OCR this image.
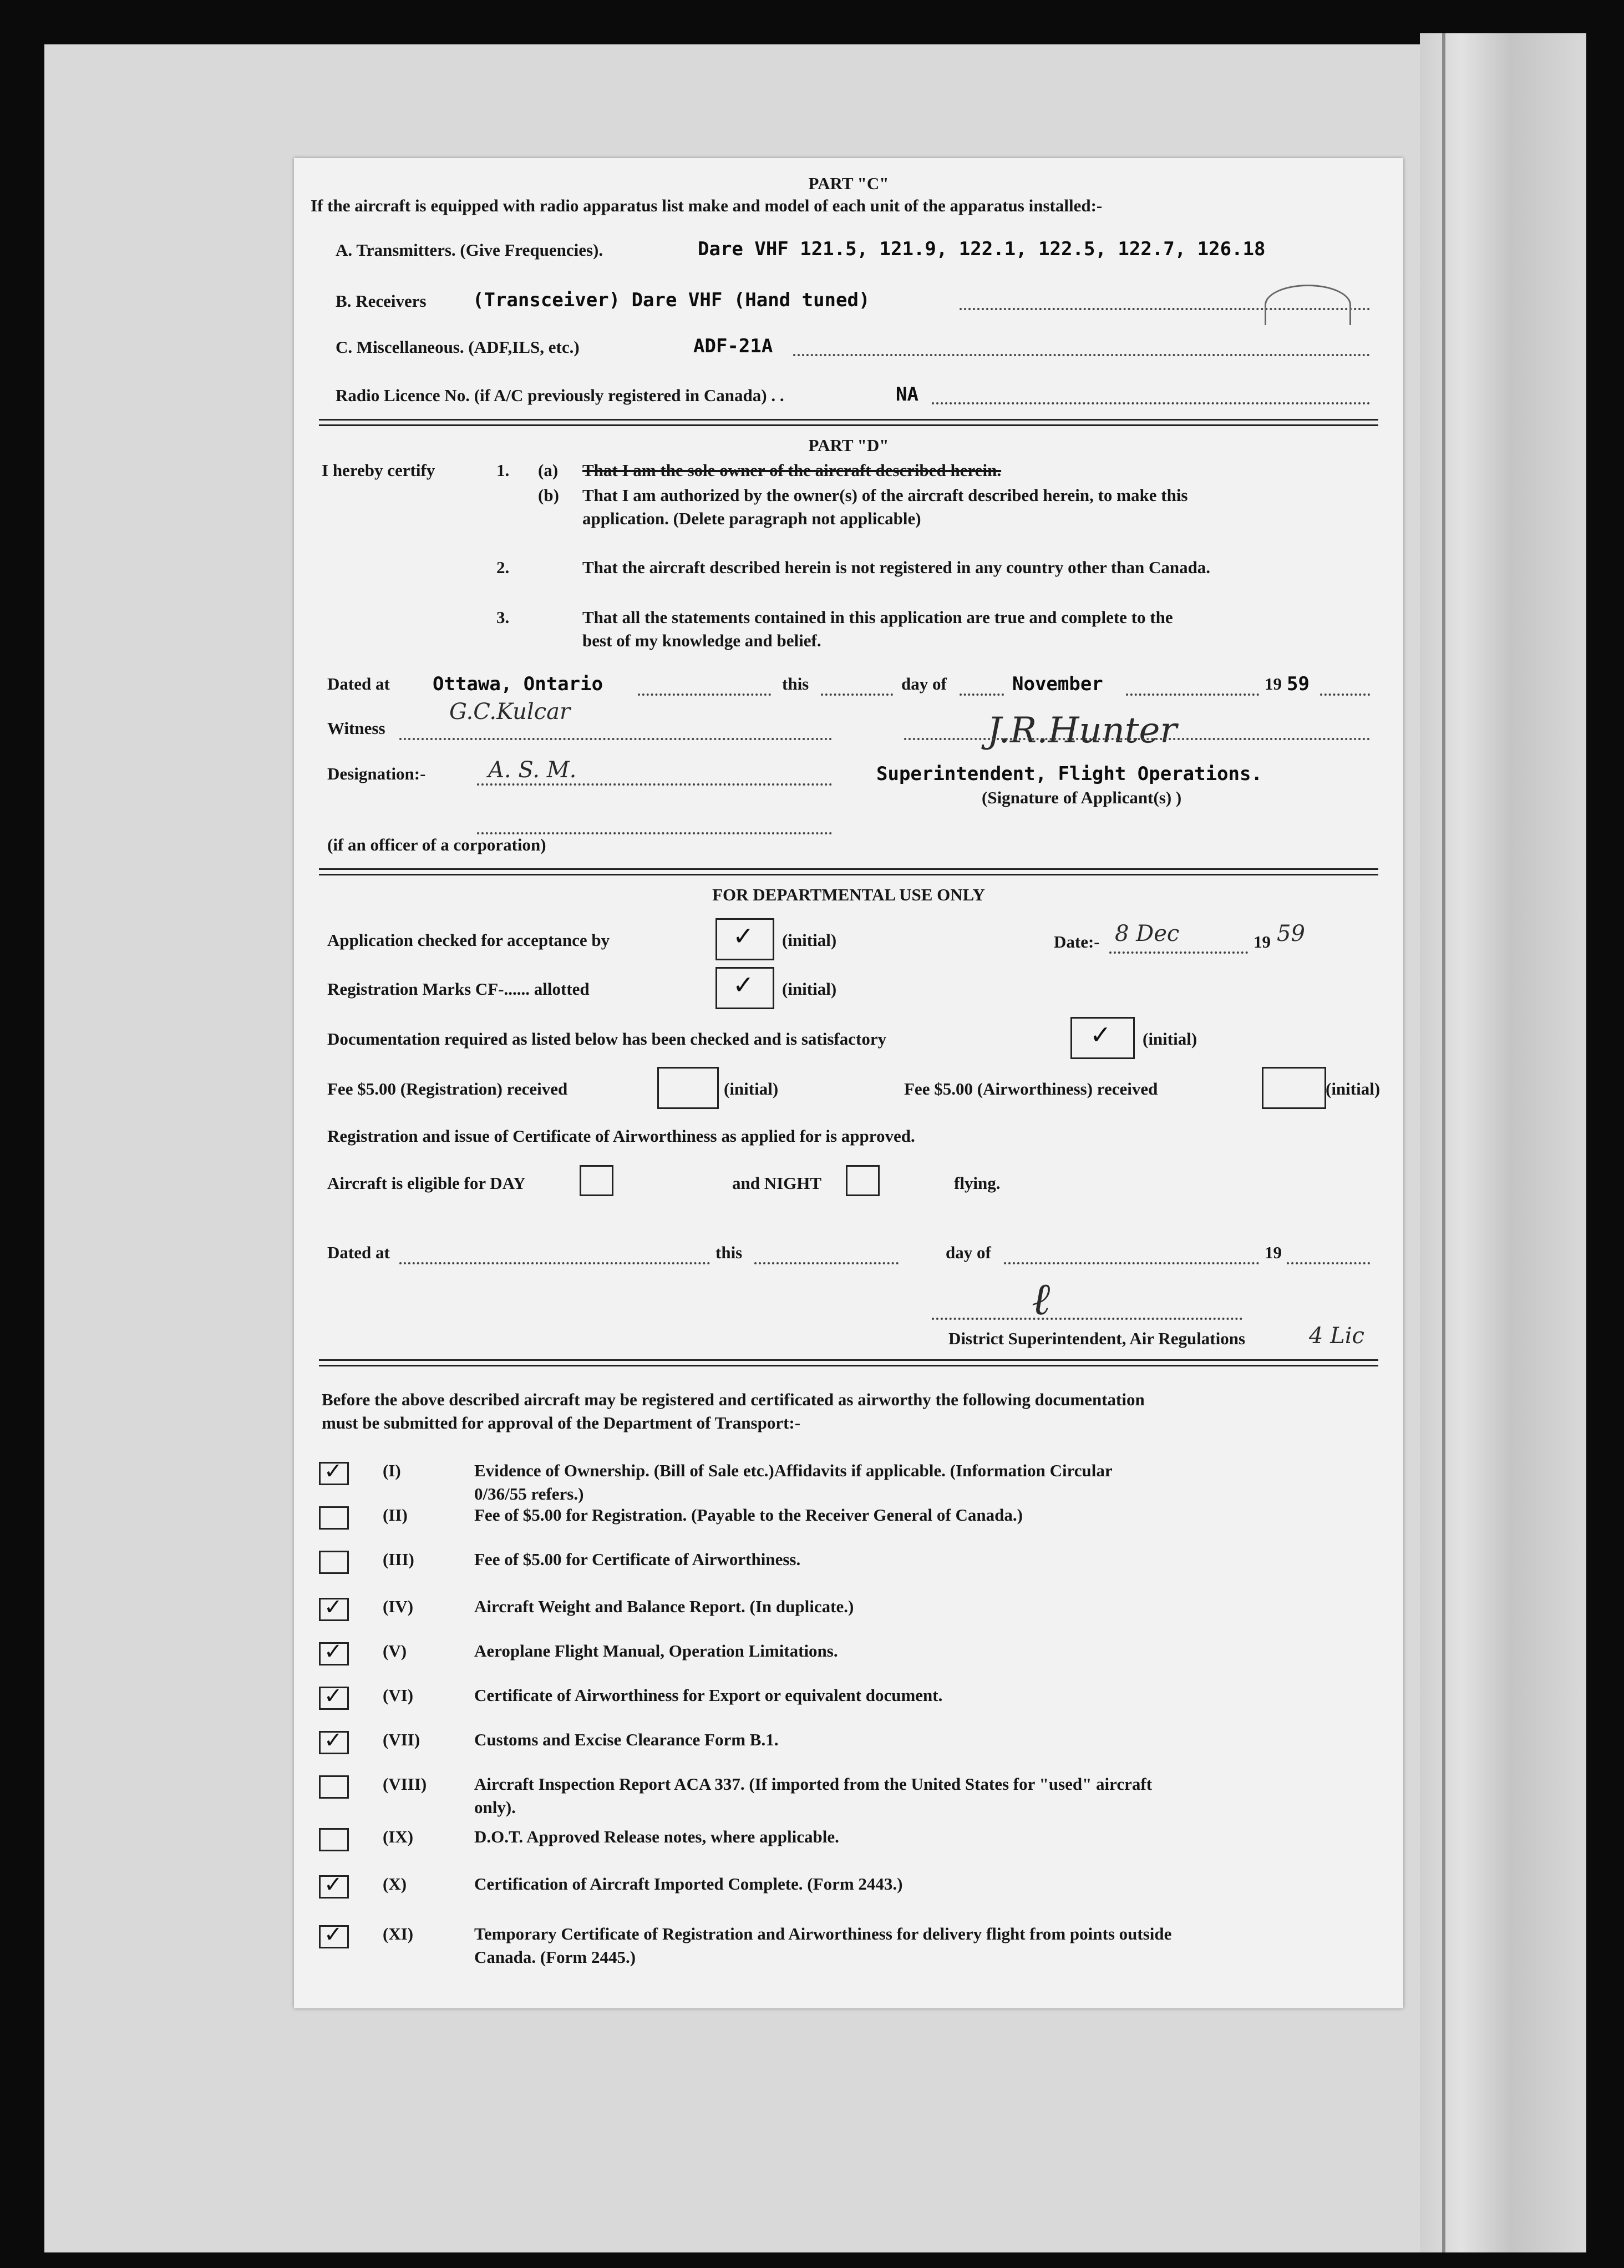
PART "C"
If the aircraft is equipped with radio apparatus list make and model of each unit of the apparatus installed:-
A. Transmitters. (Give Frequencies).	Dare VHF 121.5, 121.9, 122.1, 122.5, 122.7, 126.18
B. Receivers (Transceiver) Dare VHF (Hand tuned)
C. Miscellaneous. (ADF,ILS, etc.)	ADF-21A
Radio Licence No. (if A/C previously registered in Canada) . .	NA
PART "D"
I hereby certify	1. (a) That I am the sole owner of the aircraft described herein.
(b) That I am authorized by the owner(s) of the aircraft described herein, to make this
application. (Delete paragraph not applicable)
2.	That the aircraft described herein is not registered in any country other than Canada.
3.	That all the statements contained in this application are true and complete to the
best of my knowledge and belief.
Dated at Ottawa, Ontario	this	day of	November	19 59
Witness
G.C.Kulcar	J.R.Hunter
Designation:-	A. S. M.	Superintendent, Flight Operations.
(Signature of Applicant(s) )
(if an officer of a corporation)
FOR DEPARTMENTAL USE ONLY
Application checked for acceptance by	✓ (initial)	Date:- 8 Dec	19 59
Registration Marks CF-...... allotted	✓ (initial)
Documentation required as listed below has been checked and is satisfactory	✓ (initial)
Fee $5.00 (Registration) received	(initial)	Fee $5.00 (Airworthiness) received	(initial)
Registration and issue of Certificate of Airworthiness as applied for is approved.
Aircraft is eligible for DAY	and NIGHT	flying.
Dated at	this	day of	19
ℓ
District Superintendent, Air Regulations	4 Lic
Before the above described aircraft may be registered and certificated as airworthy the following documentation
must be submitted for approval of the Department of Transport:-
✓ (I)	Evidence of Ownership. (Bill of Sale etc.)Affidavits if applicable. (Information Circular
0/36/55 refers.)
(II)	Fee of $5.00 for Registration. (Payable to the Receiver General of Canada.)
(III)	Fee of $5.00 for Certificate of Airworthiness.
✓ (IV)	Aircraft Weight and Balance Report. (In duplicate.)
✓ (V)	Aeroplane Flight Manual, Operation Limitations.
✓ (VI)	Certificate of Airworthiness for Export or equivalent document.
✓ (VII)	Customs and Excise Clearance Form B.1.
(VIII)	Aircraft Inspection Report ACA 337. (If imported from the United States for "used" aircraft
only).
(IX)	D.O.T. Approved Release notes, where applicable.
✓ (X)	Certification of Aircraft Imported Complete. (Form 2443.)
✓ (XI)	Temporary Certificate of Registration and Airworthiness for delivery flight from points outside
Canada. (Form 2445.)
